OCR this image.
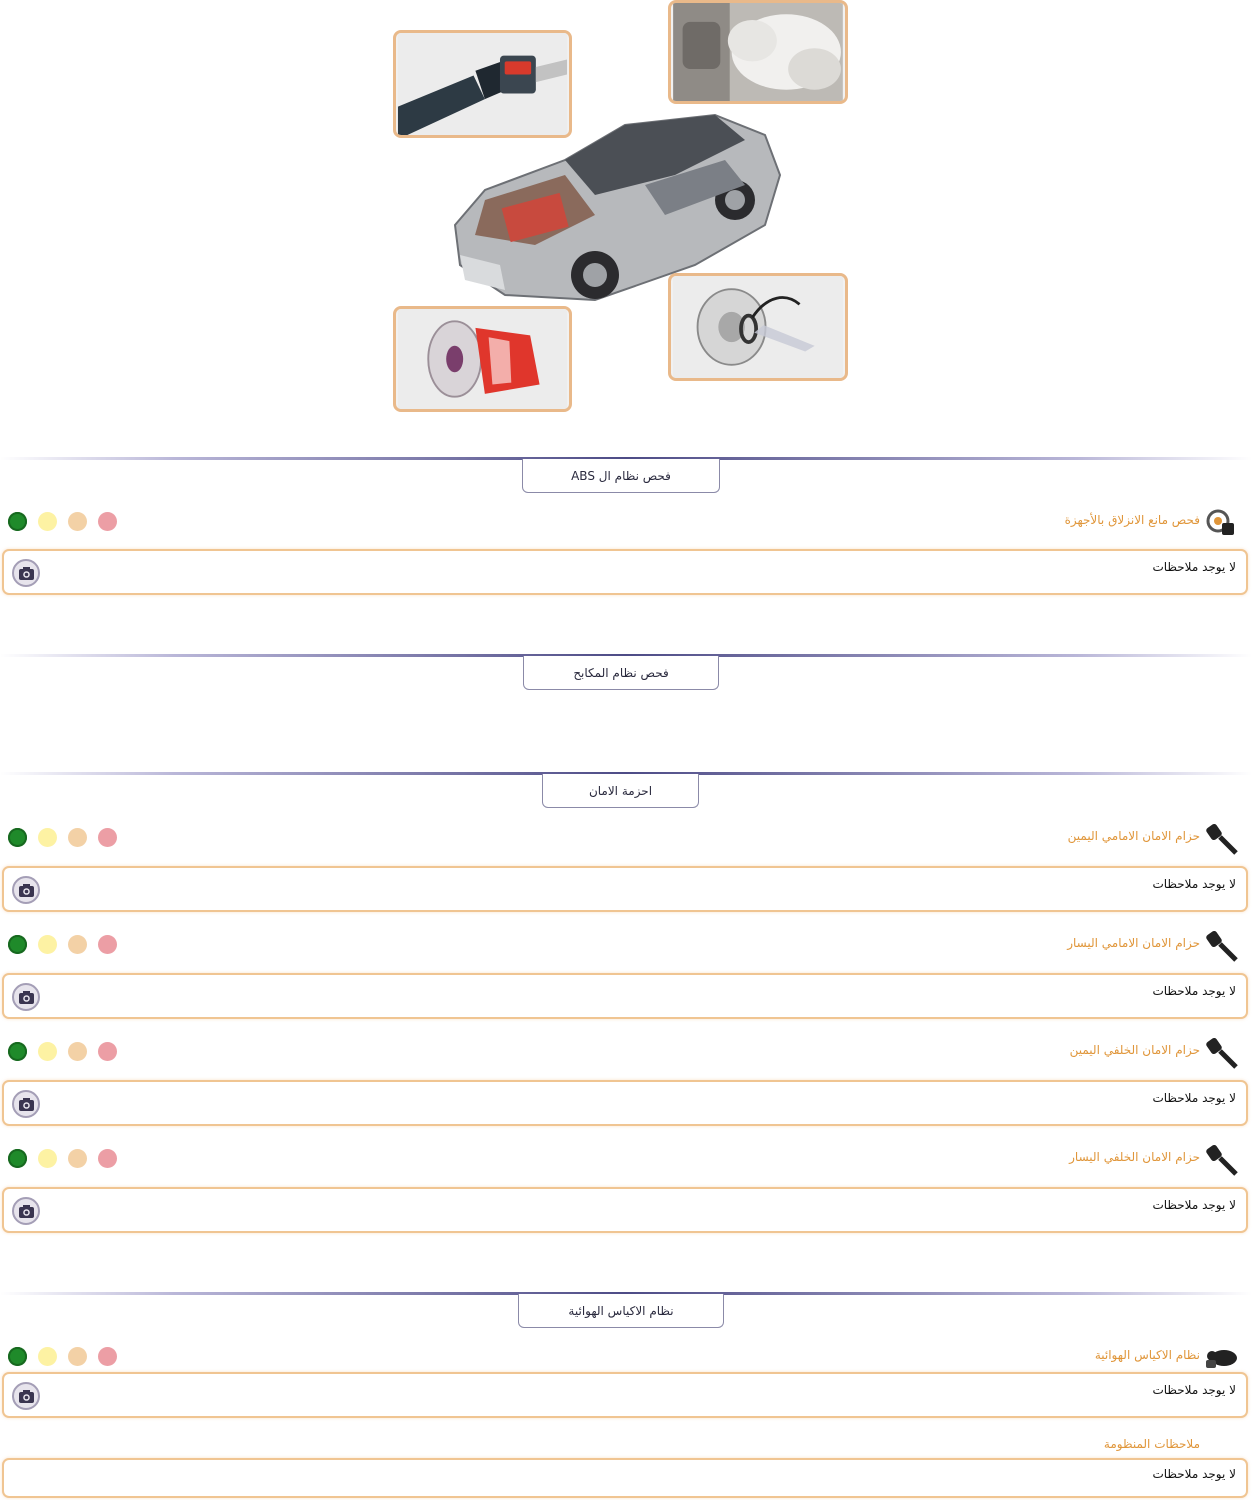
فحص نظام ال ABS
فحص مانع الانزلاق بالأجهزة
لا يوجد ملاحظات
فحص نظام المكابح
احزمة الامان
حزام الامان الامامي اليمين
لا يوجد ملاحظات
حزام الامان الامامي اليسار
لا يوجد ملاحظات
حزام الامان الخلفي اليمين
لا يوجد ملاحظات
حزام الامان الخلفي اليسار
لا يوجد ملاحظات
نظام الاكياس الهوائية
نظام الاكياس الهوائية
لا يوجد ملاحظات
ملاحظات المنظومة
لا يوجد ملاحظات
